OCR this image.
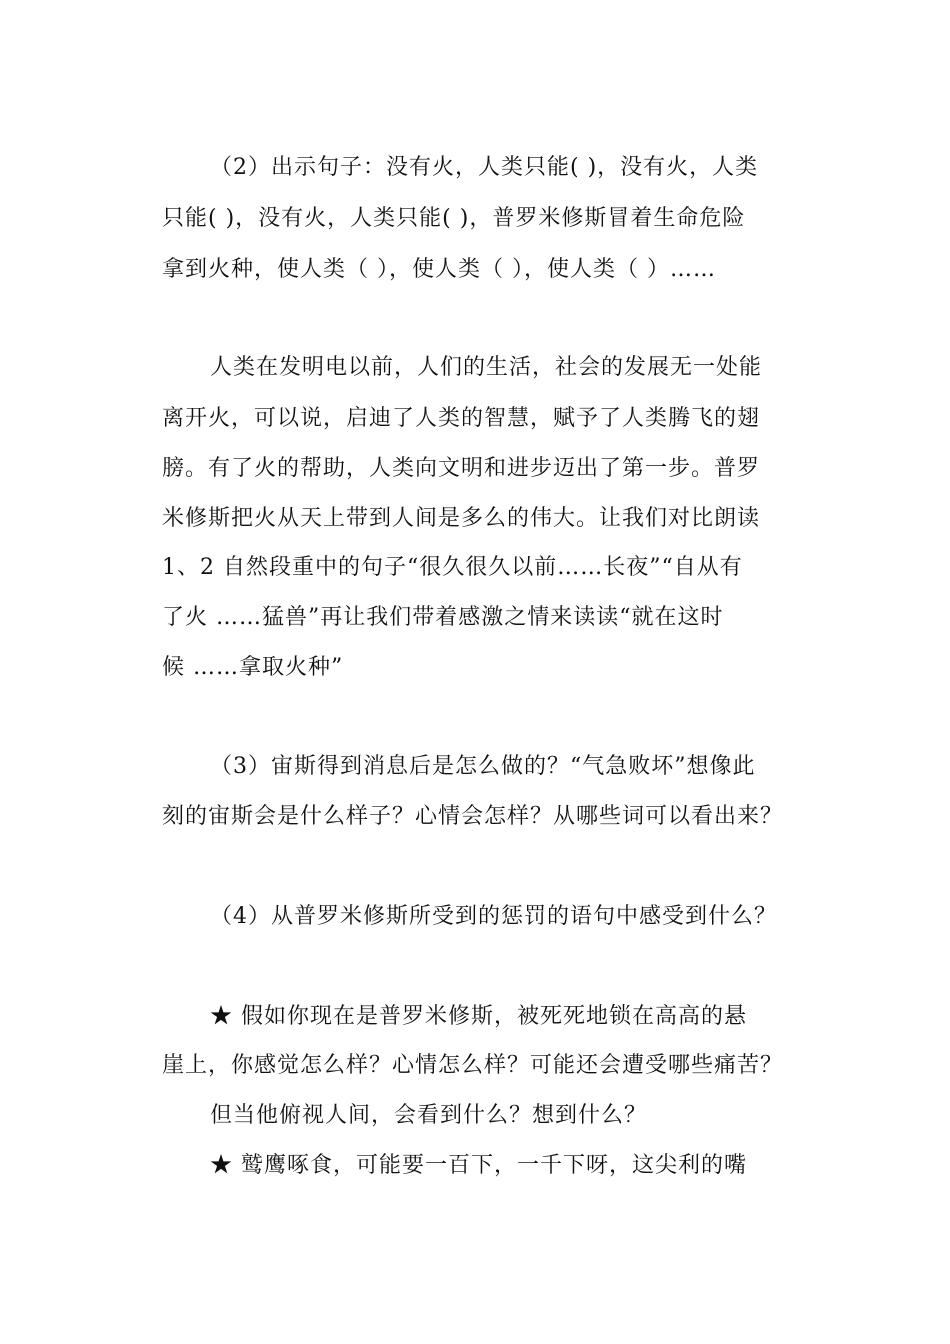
（2）出示句子：没有火，人类只能( )，没有火，人类
只能( )，没有火，人类只能( )，普罗米修斯冒着生命危险
拿到火种，使人类（ ），使人类（ ），使人类（ ）……
人类在发明电以前，人们的生活，社会的发展无一处能
离开火，可以说，启迪了人类的智慧，赋予了人类腾飞的翅
膀。有了火的帮助，人类向文明和进步迈出了第一步。普罗
米修斯把火从天上带到人间是多么的伟大。让我们对比朗读
1、2 自然段重中的句子“很久很久以前……长夜”“自从有
了火 ……猛兽”再让我们带着感激之情来读读“就在这时
候 ……拿取火种”
（3）宙斯得到消息后是怎么做的？“气急败坏”想像此
刻的宙斯会是什么样子？心情会怎样？从哪些词可以看出来？
（4）从普罗米修斯所受到的惩罚的语句中感受到什么？
★ 假如你现在是普罗米修斯，被死死地锁在高高的悬
崖上，你感觉怎么样？心情怎么样？可能还会遭受哪些痛苦？
但当他俯视人间，会看到什么？想到什么？
★ 鹫鹰啄食，可能要一百下，一千下呀，这尖利的嘴
